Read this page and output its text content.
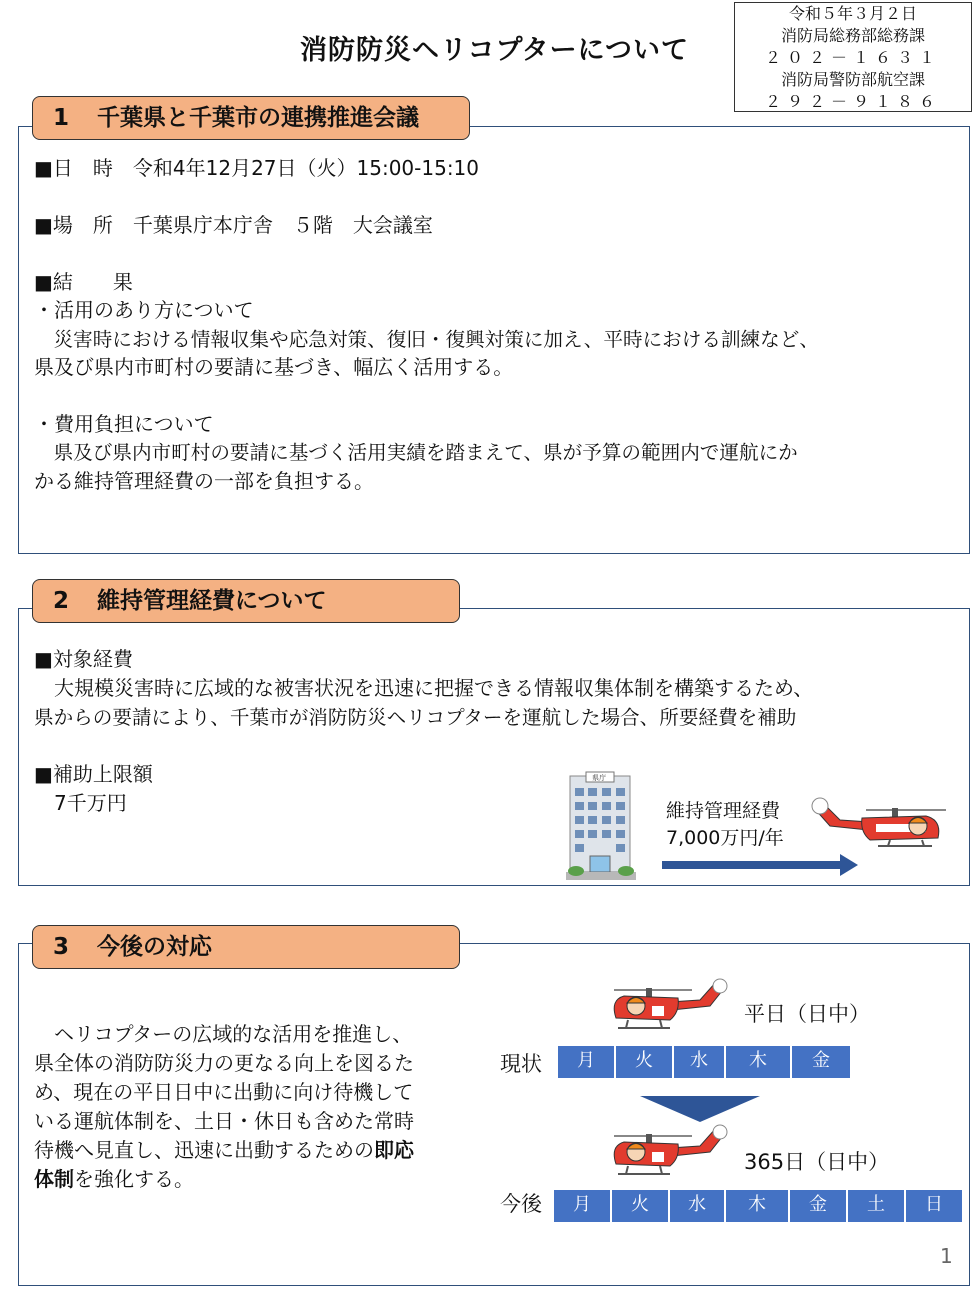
消防防災ヘリコプターについて
令和５年３月２日
消防局総務部総務課
２０２－１６３１
消防局警防部航空課
２９２－９１８６
1 千葉県と千葉市の連携推進会議
■日　時　令和4年12月27日（火）15:00-15:10
■場　所　千葉県庁本庁舎　５階　大会議室
■結　　果
・活用のあり方について
　災害時における情報収集や応急対策、復旧・復興対策に加え、平時における訓練など、
県及び県内市町村の要請に基づき、幅広く活用する。
・費用負担について
　県及び県内市町村の要請に基づく活用実績を踏まえて、県が予算の範囲内で運航にか
かる維持管理経費の一部を負担する。
2 維持管理経費について
■対象経費
　大規模災害時に広域的な被害状況を迅速に把握できる情報収集体制を構築するため、
県からの要請により、千葉市が消防防災ヘリコプターを運航した場合、所要経費を補助
■補助上限額
　7千万円
県庁
維持管理経費
7,000万円/年
3 今後の対応
　ヘリコプターの広域的な活用を推進し、
県全体の消防防災力の更なる向上を図るた
め、現在の平日日中に出動に向け待機して
いる運航体制を、土日・休日も含めた常時
待機へ見直し、迅速に出動するための即応
体制を強化する。
平日（日中）
現状	月	火	水	木	金
365日（日中）
今後	月	火	水	木	金	土	日
1
